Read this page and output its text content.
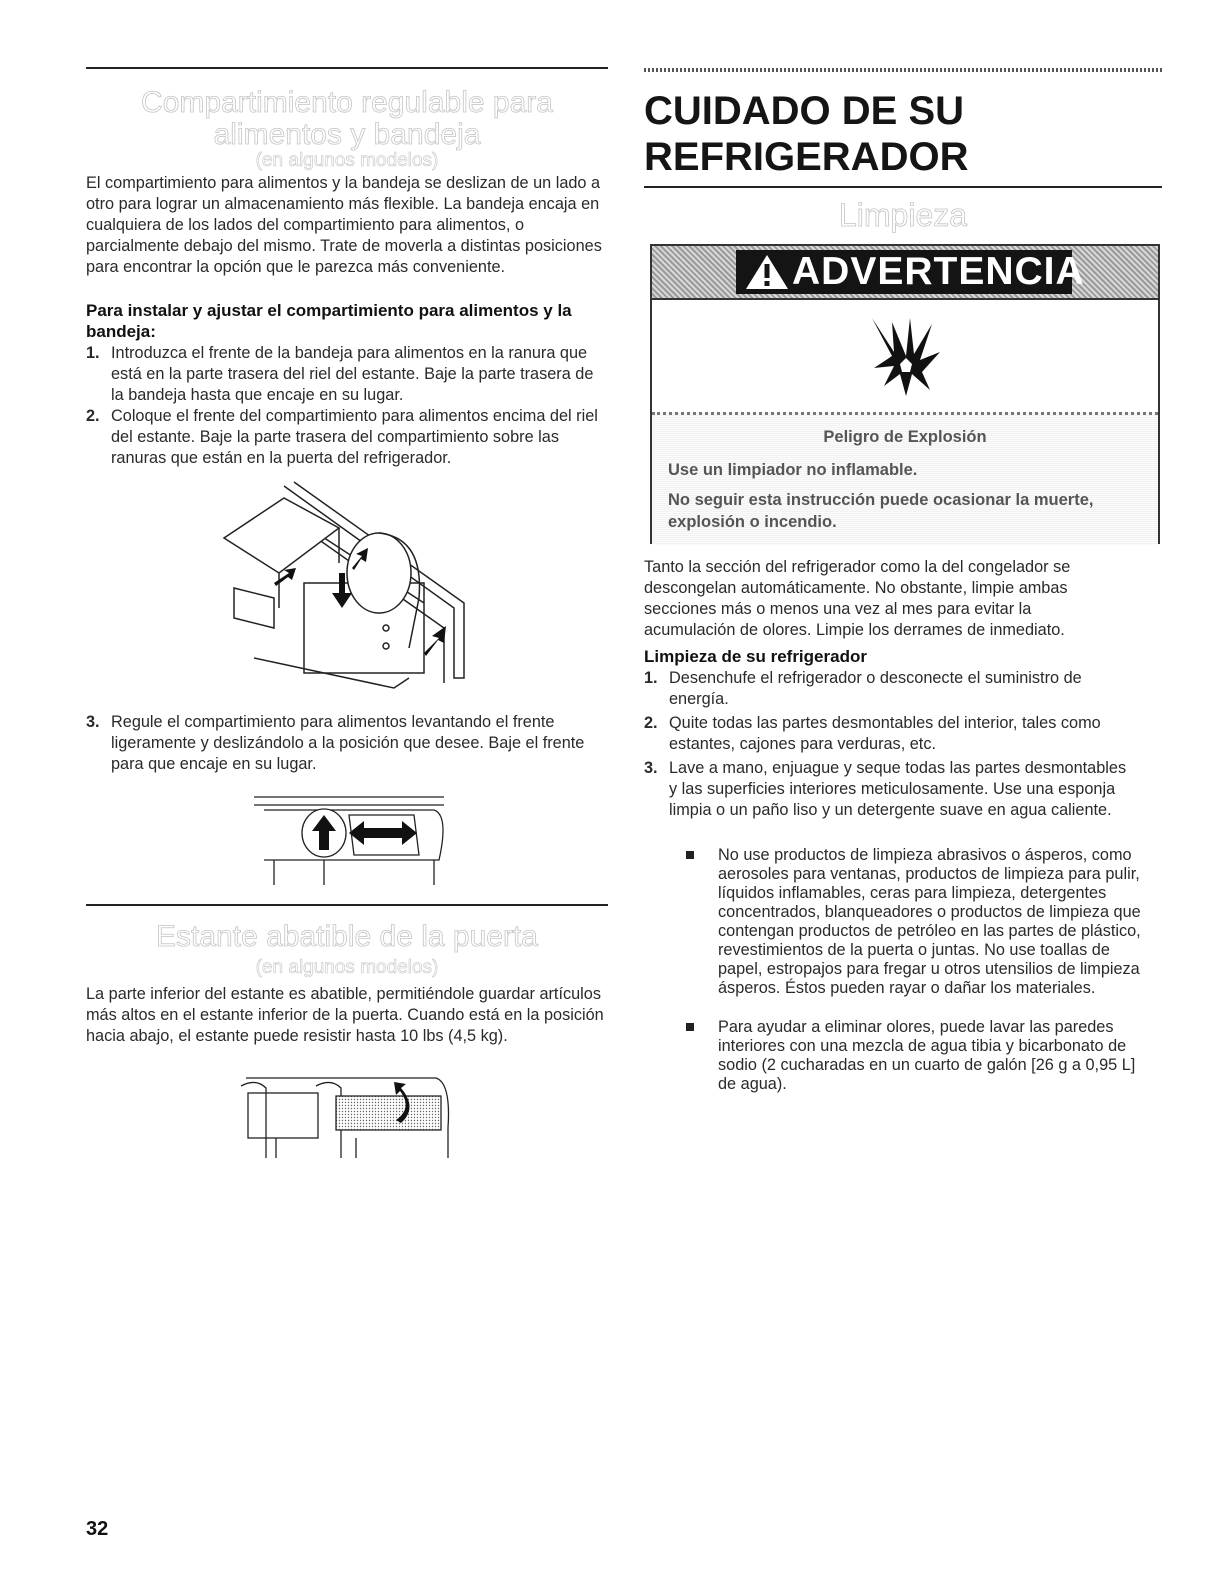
Compartimiento regulable para
alimentos y bandeja
(en algunos modelos)

El compartimiento para alimentos y la bandeja se deslizan de un lado a otro para lograr un almacenamiento más flexible. La bandeja encaja en cualquiera de los lados del compartimiento para alimentos, o parcialmente debajo del mismo. Trate de moverla a distintas posiciones para encontrar la opción que le parezca más conveniente.

Para instalar y ajustar el compartimiento para alimentos y la bandeja:

1. Introduzca el frente de la bandeja para alimentos en la ranura que está en la parte trasera del riel del estante. Baje la parte trasera de la bandeja hasta que encaje en su lugar.
2. Coloque el frente del compartimiento para alimentos encima del riel del estante. Baje la parte trasera del compartimiento sobre las ranuras que están en la puerta del refrigerador.
3. Regule el compartimiento para alimentos levantando el frente ligeramente y deslizándolo a la posición que desee. Baje el frente para que encaje en su lugar.
Estante abatible de la puerta
(en algunos modelos)

La parte inferior del estante es abatible, permitiéndole guardar artículos más altos en el estante inferior de la puerta. Cuando está en la posición hacia abajo, el estante puede resistir hasta 10 lbs (4,5 kg).

CUIDADO DE SU
REFRIGERADOR
Limpieza
ADVERTENCIA
Peligro de Explosión
Use un limpiador no inflamable.
No seguir esta instrucción puede ocasionar la muerte,
explosión o incendio.

Tanto la sección del refrigerador como la del congelador se descongelan automáticamente. No obstante, limpie ambas secciones más o menos una vez al mes para evitar la acumulación de olores. Limpie los derrames de inmediato.

Limpieza de su refrigerador

1. Desenchufe el refrigerador o desconecte el suministro de energía.
2. Quite todas las partes desmontables del interior, tales como estantes, cajones para verduras, etc.
3. Lave a mano, enjuague y seque todas las partes desmontables y las superficies interiores meticulosamente. Use una esponja limpia o un paño liso y un detergente suave en agua caliente.
No use productos de limpieza abrasivos o ásperos, como aerosoles para ventanas, productos de limpieza para pulir, líquidos inflamables, ceras para limpieza, detergentes concentrados, blanqueadores o productos de limpieza que contengan productos de petróleo en las partes de plástico, revestimientos de la puerta o juntas. No use toallas de papel, estropajos para fregar u otros utensilios de limpieza ásperos. Éstos pueden rayar o dañar los materiales.
Para ayudar a eliminar olores, puede lavar las paredes interiores con una mezcla de agua tibia y bicarbonato de sodio (2 cucharadas en un cuarto de galón [26 g a 0,95 L] de agua).
32
